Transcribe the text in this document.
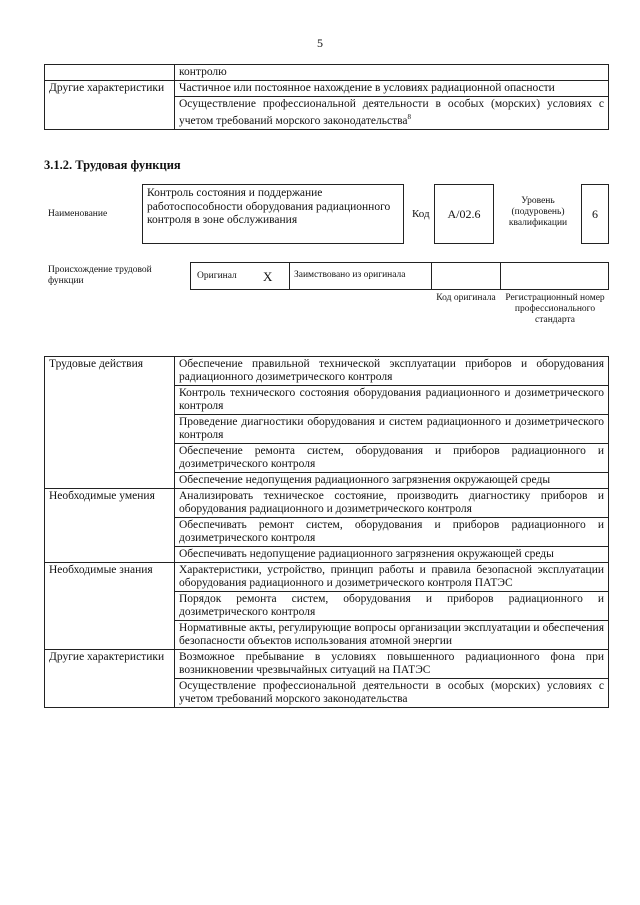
5
	контролю
Другие характеристики	Частичное или постоянное нахождение в условиях радиационной опасности
	Осуществление профессиональной деятельности в особых (морских) условиях с учетом требований морского законодательства$^8$
3.1.2. Трудовая функция
Наименование
Контроль состояния и поддержание работоспособности оборудования радиационного контроля в зоне обслуживания	Код	A/02.6
Уровень (подуровень) квалификации
6
Происхождение трудовой функции	Оригинал X	Заимствовано из оригинала
Код оригинала	Регистрационный номер профессионального стандарта
Трудовые действия	Обеспечение правильной технической эксплуатации приборов и оборудования радиационного дозиметрического контроля
	Контроль технического состояния оборудования радиационного и дозиметрического контроля
	Проведение диагностики оборудования и систем радиационного и дозиметрического контроля
	Обеспечение ремонта систем, оборудования и приборов радиационного и дозиметрического контроля
	Обеспечение недопущения радиационного загрязнения окружающей среды
Необходимые умения	Анализировать техническое состояние, производить диагностику приборов и оборудования радиационного и дозиметрического контроля
	Обеспечивать ремонт систем, оборудования и приборов радиационного и дозиметрического контроля
	Обеспечивать недопущение радиационного загрязнения окружающей среды
Необходимые знания	Характеристики, устройство, принцип работы и правила безопасной эксплуатации оборудования радиационного и дозиметрического контроля ПАТЭС
	Порядок ремонта систем, оборудования и приборов радиационного и дозиметрического контроля
	Нормативные акты, регулирующие вопросы организации эксплуатации и обеспечения безопасности объектов использования атомной энергии
Другие характеристики	Возможное пребывание в условиях повышенного радиационного фона при возникновении чрезвычайных ситуаций на ПАТЭС
	Осуществление профессиональной деятельности в особых (морских) условиях с учетом требований морского законодательства
